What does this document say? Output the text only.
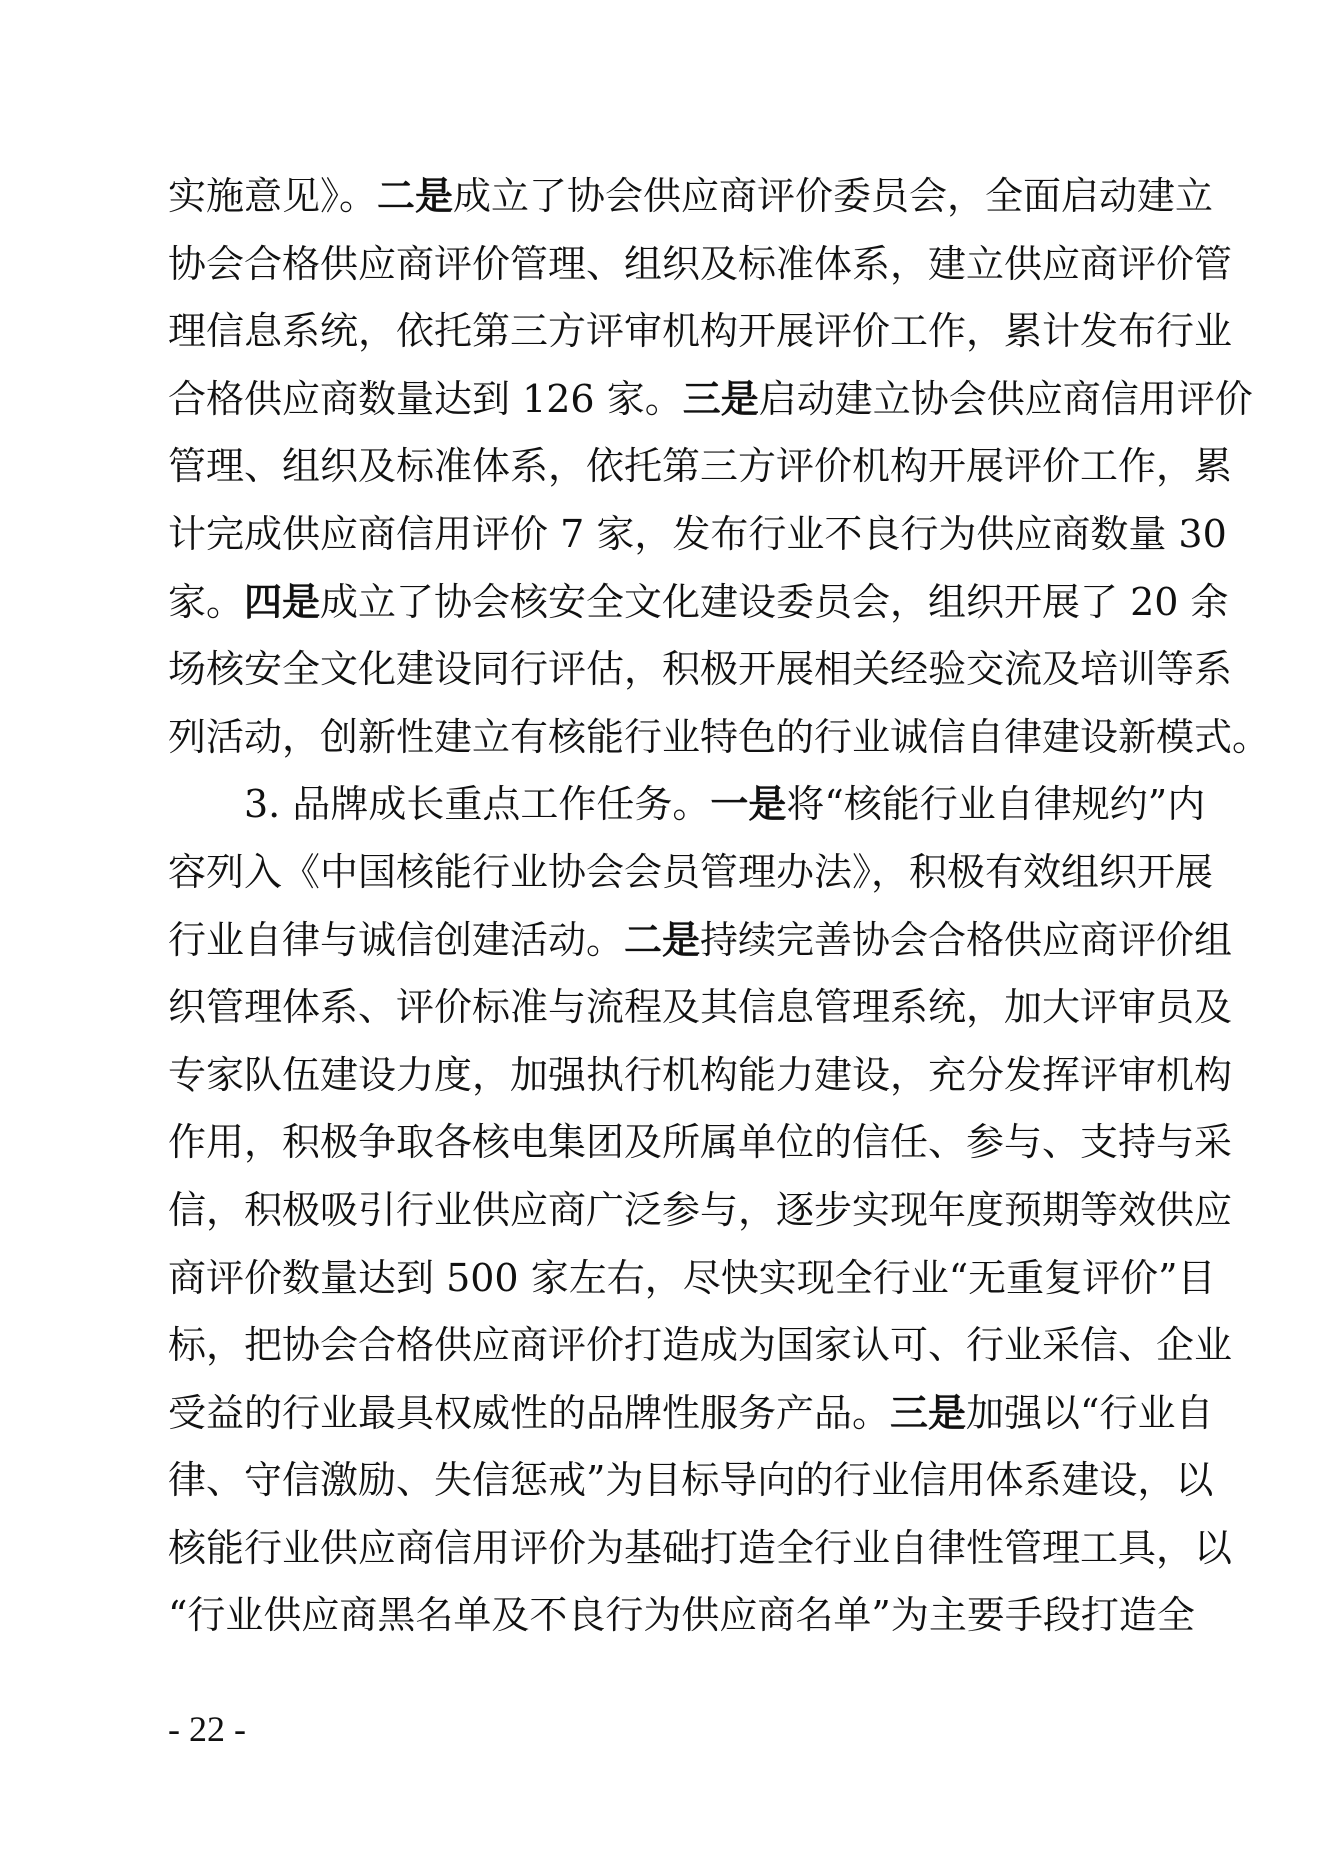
实施意见》。二是成立了协会供应商评价委员会，全面启动建立
协会合格供应商评价管理、组织及标准体系，建立供应商评价管
理信息系统，依托第三方评审机构开展评价工作，累计发布行业
合格供应商数量达到 126 家。三是启动建立协会供应商信用评价
管理、组织及标准体系，依托第三方评价机构开展评价工作，累
计完成供应商信用评价 7 家，发布行业不良行为供应商数量 30
家。四是成立了协会核安全文化建设委员会，组织开展了 20 余
场核安全文化建设同行评估，积极开展相关经验交流及培训等系
列活动，创新性建立有核能行业特色的行业诚信自律建设新模式。
3. 品牌成长重点工作任务。一是将“核能行业自律规约”内
容列入《中国核能行业协会会员管理办法》，积极有效组织开展
行业自律与诚信创建活动。二是持续完善协会合格供应商评价组
织管理体系、评价标准与流程及其信息管理系统，加大评审员及
专家队伍建设力度，加强执行机构能力建设，充分发挥评审机构
作用，积极争取各核电集团及所属单位的信任、参与、支持与采
信，积极吸引行业供应商广泛参与，逐步实现年度预期等效供应
商评价数量达到 500 家左右，尽快实现全行业“无重复评价”目
标，把协会合格供应商评价打造成为国家认可、行业采信、企业
受益的行业最具权威性的品牌性服务产品。三是加强以“行业自
律、守信激励、失信惩戒”为目标导向的行业信用体系建设，以
核能行业供应商信用评价为基础打造全行业自律性管理工具，以
“行业供应商黑名单及不良行为供应商名单”为主要手段打造全
- 22 -
